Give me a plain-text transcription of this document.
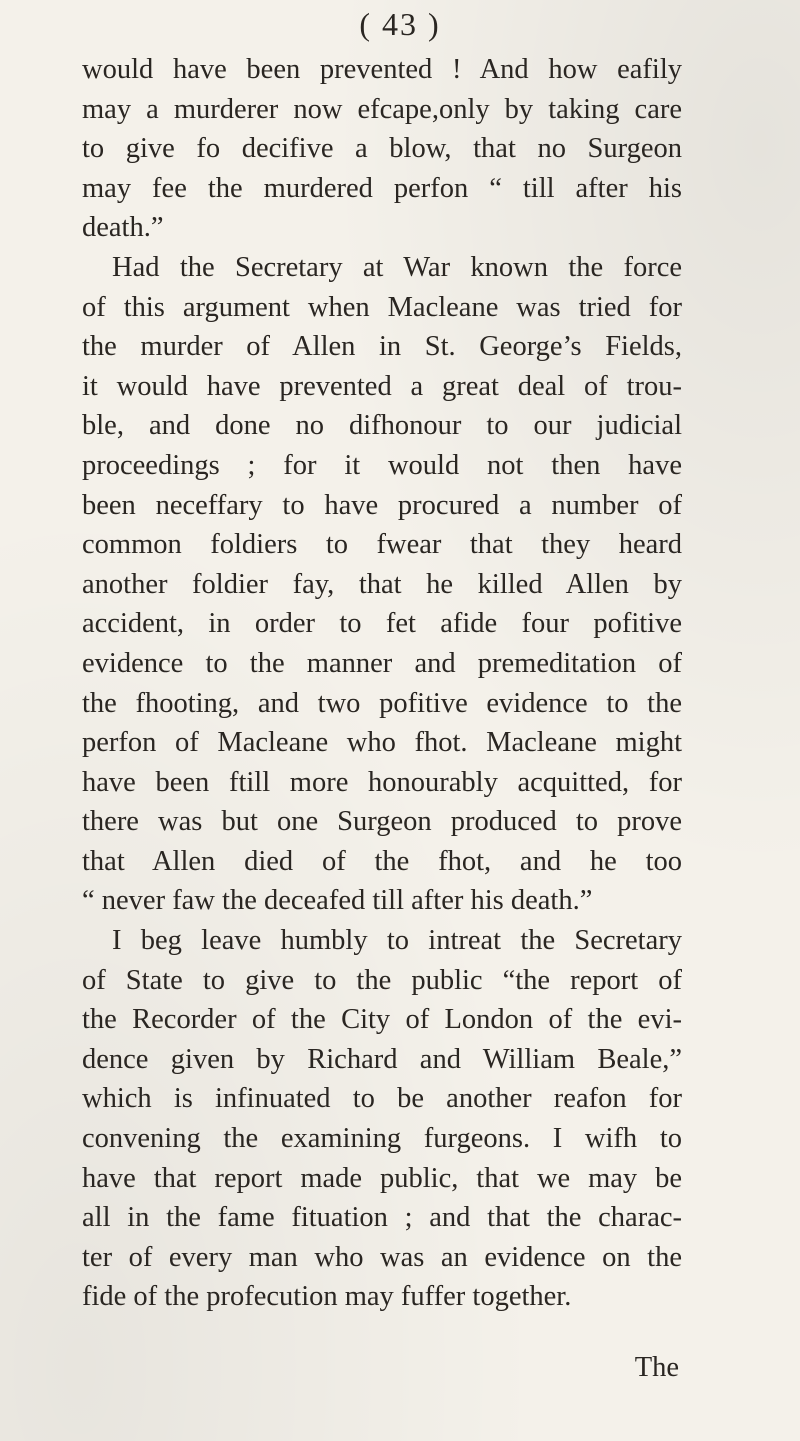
( 43 )
would have been prevented ! And how eafily
may a murderer now efcape,only by taking care
to give fo decifive a blow, that no Surgeon
may fee the murdered perfon “ till after his
death.”
Had the Secretary at War known the force
of this argument when Macleane was tried for
the murder of Allen in St. George’s Fields,
it would have prevented a great deal of trou-
ble, and done no difhonour to our judicial
proceedings ; for it would not then have
been neceffary to have procured a number of
common foldiers to fwear that they heard
another foldier fay, that he killed Allen by
accident, in order to fet afide four pofitive
evidence to the manner and premeditation of
the fhooting, and two pofitive evidence to the
perfon of Macleane who fhot. Macleane might
have been ftill more honourably acquitted, for
there was but one Surgeon produced to prove
that Allen died of the fhot, and he too
“ never faw the deceafed till after his death.”
I beg leave humbly to intreat the Secretary
of State to give to the public “the report of
the Recorder of the City of London of the evi-
dence given by Richard and William Beale,”
which is infinuated to be another reafon for
convening the examining furgeons. I wifh to
have that report made public, that we may be
all in the fame fituation ; and that the charac-
ter of every man who was an evidence on the
fide of the profecution may fuffer together.
The
